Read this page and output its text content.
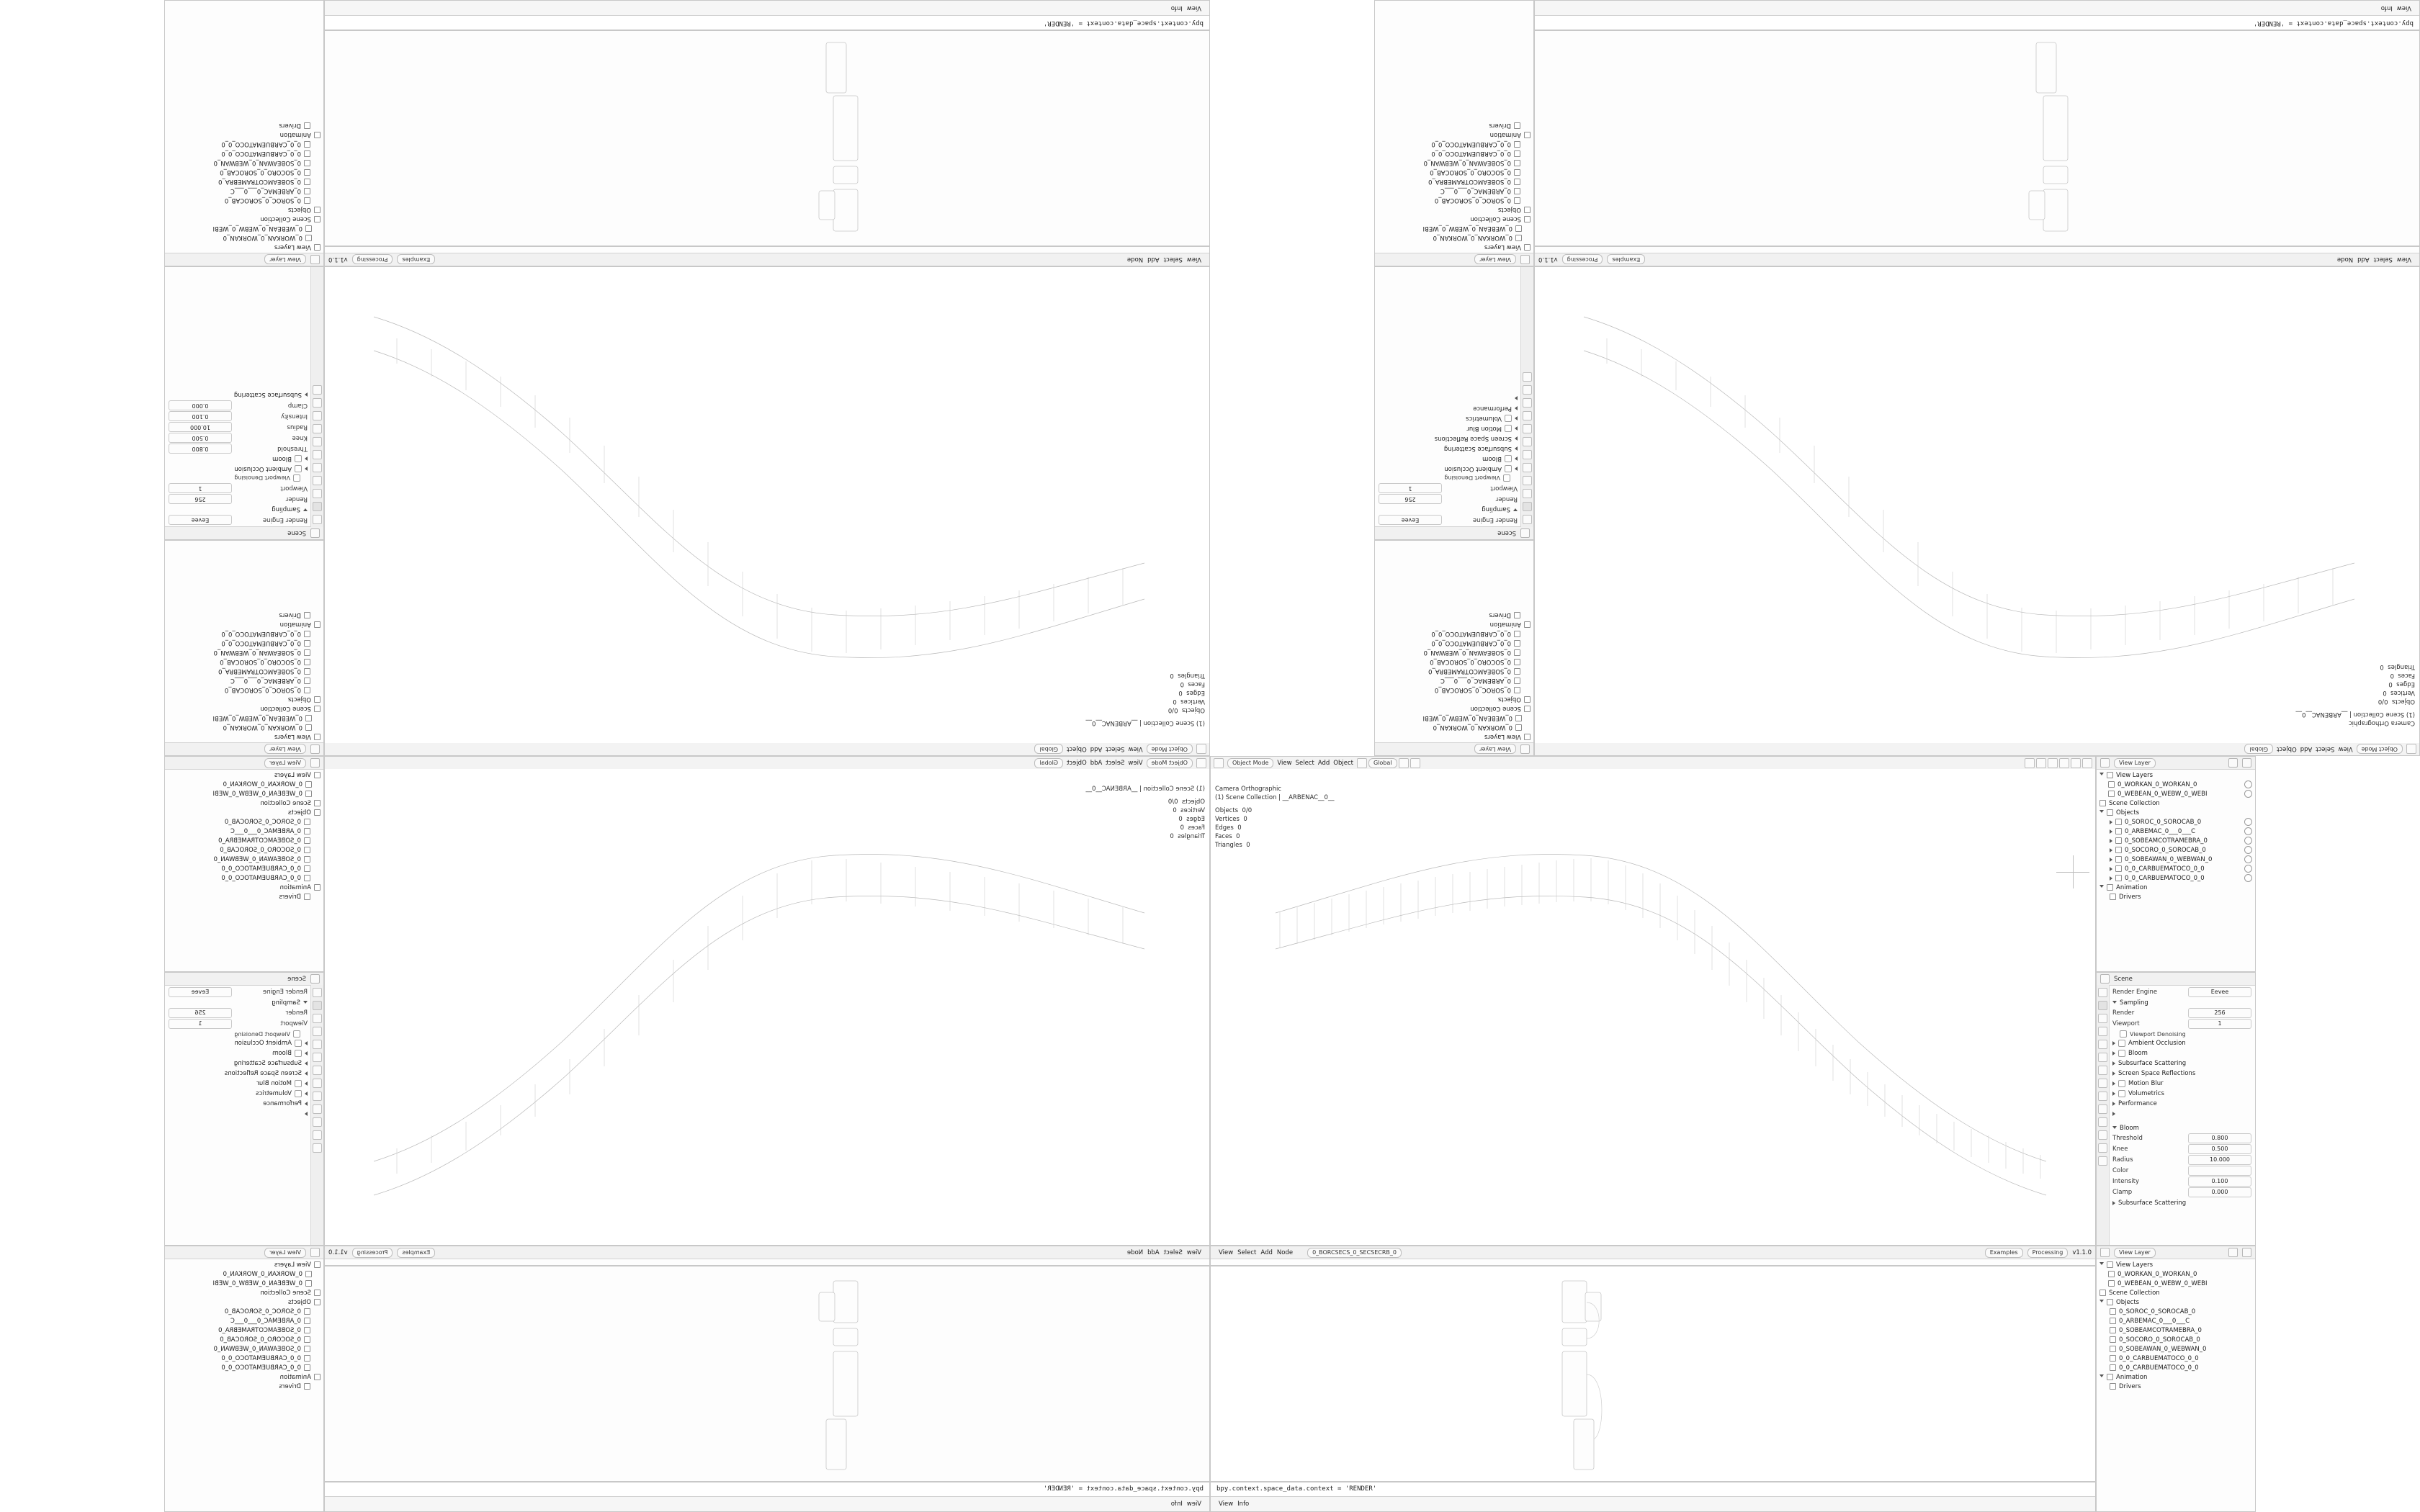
Object Mode	View Select Add Object	Global
Camera Orthographic
(1) Scene Collection | __ARBENAC__0__
Objects 0/0
Vertices 0
Edges 0
Faces 0
Triangles 0
View Layer
View Layers
0_WORKAN_0_WORKAN_0
0_WEBEAN_0_WEBW_0_WEBI
Scene Collection
Objects
0_SOROC_0_SOROCAB_0
0_ARBEMAC_0___0___C
0_SOBEAMCOTRAMEBRA_0
0_SOCORO_0_SOROCAB_0
0_SOBEAWAN_0_WEBWAN_0
0_0_CARBUEMATOCO_0_0
0_0_CARBUEMATOCO_0_0
Animation
Drivers
Scene
Render Engine	Eevee
Sampling
Render	256
Viewport	1
Viewport Denoising
Ambient Occlusion
Bloom
Subsurface Scattering
Screen Space Reflections
Motion Blur
Volumetrics
Performance
Bloom
Threshold	0.800
Knee	0.500
Radius	10.000
Color
Intensity	0.100
Clamp	0.000
Subsurface Scattering
View Select Add Node	0_BORCSECS_0_SECSECRB_0	Examples	Processing	v1.1.0	View Layer
View Layers
0_WORKAN_0_WORKAN_0
0_WEBEAN_0_WEBW_0_WEBI
Scene Collection
Objects
0_SOROC_0_SOROCAB_0
0_ARBEMAC_0___0___C
0_SOBEAMCOTRAMEBRA_0
0_SOCORO_0_SOROCAB_0
0_SOBEAWAN_0_WEBWAN_0
0_0_CARBUEMATOCO_0_0
0_0_CARBUEMATOCO_0_0
Animation
Drivers
bpy.context.space_data.context = 'RENDER'
View Info
Object Mode
View
Select
Add
Object
Global
(1) Scene Collection | __ARBENAC__0__
Objects  0/0
Vertices  0
Edges  0
Faces  0
Triangles  0
View Layer
View Layers
0_WORKAN_0_WORKAN_0
0_WEBEAN_0_WEBW_0_WEBI
Scene Collection
Objects
0_SOROC_0_SOROCAB_0
0_ARBEMAC_0___0___C
0_SOBEAMCOTRAMEBRA_0
0_SOCORO_0_SOROCAB_0
0_SOBEAWAN_0_WEBWAN_0
0_0_CARBUEMATOCO_0_0
0_0_CARBUEMATOCO_0_0
Animation
Drivers
Scene
Render Engine
Eevee
Sampling
Render
256
Viewport
1
Viewport Denoising
Ambient Occlusion
Bloom
Subsurface Scattering
Screen Space Reflections
Motion Blur
Volumetrics
Performance
View
Select
Add
Node
Examples
Processing
v1.1.0
View Layer
View Layers
0_WORKAN_0_WORKAN_0
0_WEBEAN_0_WEBW_0_WEBI
Scene Collection
Objects
0_SOROC_0_SOROCAB_0
0_ARBEMAC_0___0___C
0_SOBEAMCOTRAMEBRA_0
0_SOCORO_0_SOROCAB_0
0_SOBEAWAN_0_WEBWAN_0
0_0_CARBUEMATOCO_0_0
0_0_CARBUEMATOCO_0_0
Animation
Drivers
bpy.context.space_data.context = 'RENDER'
View
Info
Object Mode
View
Select
Add
Object
Global
Camera Orthographic
(1) Scene Collection | __ARBENAC__0__
Objects  0/0
Vertices  0
Edges  0
Faces  0
Triangles  0
View Layer
View Layers
0_WORKAN_0_WORKAN_0
0_WEBEAN_0_WEBW_0_WEBI
Scene Collection
Objects
0_SOROC_0_SOROCAB_0
0_ARBEMAC_0___0___C
0_SOBEAMCOTRAMEBRA_0
0_SOCORO_0_SOROCAB_0
0_SOBEAWAN_0_WEBWAN_0
0_0_CARBUEMATOCO_0_0
0_0_CARBUEMATOCO_0_0
Animation
Drivers
Scene
Render Engine
Eevee
Sampling
Render
256
Viewport
1
Viewport Denoising
Ambient Occlusion
Bloom
Subsurface Scattering
Screen Space Reflections
Motion Blur
Volumetrics
Performance
View
Select
Add
Node
Examples
Processing
v1.1.0
View Layer
View Layers
0_WORKAN_0_WORKAN_0
0_WEBEAN_0_WEBW_0_WEBI
Scene Collection
Objects
0_SOROC_0_SOROCAB_0
0_ARBEMAC_0___0___C
0_SOBEAMCOTRAMEBRA_0
0_SOCORO_0_SOROCAB_0
0_SOBEAWAN_0_WEBWAN_0
0_0_CARBUEMATOCO_0_0
0_0_CARBUEMATOCO_0_0
Animation
Drivers
bpy.context.space_data.context = 'RENDER'
View
Info
Object Mode
View
Select
Add
Object
Global
(1) Scene Collection | __ARBENAC__0__
Objects  0/0
Vertices  0
Edges  0
Faces  0
Triangles  0
View Layer
View Layers
0_WORKAN_0_WORKAN_0
0_WEBEAN_0_WEBW_0_WEBI
Scene Collection
Objects
0_SOROC_0_SOROCAB_0
0_ARBEMAC_0___0___C
0_SOBEAMCOTRAMEBRA_0
0_SOCORO_0_SOROCAB_0
0_SOBEAWAN_0_WEBWAN_0
0_0_CARBUEMATOCO_0_0
0_0_CARBUEMATOCO_0_0
Animation
Drivers
Scene
Render Engine
Eevee
Sampling
Render
256
Viewport
1
Viewport Denoising
Ambient Occlusion
Bloom
Threshold
0.800
Knee
0.500
Radius
10.000
Intensity
0.100
Clamp
0.000
Subsurface Scattering
View
Select
Add
Node
Examples
Processing
v1.1.0
View Layer
View Layers
0_WORKAN_0_WORKAN_0
0_WEBEAN_0_WEBW_0_WEBI
Scene Collection
Objects
0_SOROC_0_SOROCAB_0
0_ARBEMAC_0___0___C
0_SOBEAMCOTRAMEBRA_0
0_SOCORO_0_SOROCAB_0
0_SOBEAWAN_0_WEBWAN_0
0_0_CARBUEMATOCO_0_0
0_0_CARBUEMATOCO_0_0
Animation
Drivers
bpy.context.space_data.context = 'RENDER'
View
Info
